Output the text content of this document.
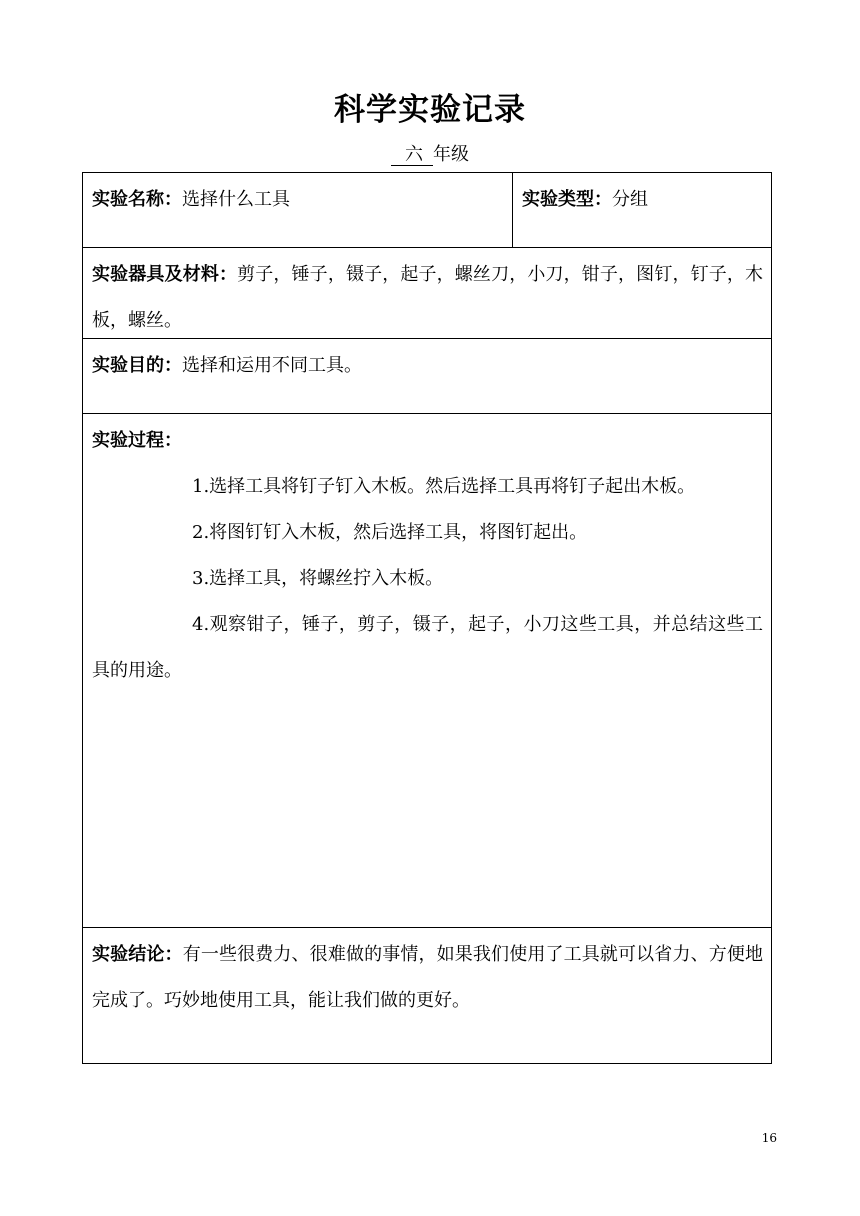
科学实验记录
六 年级
实验名称：选择什么工具	实验类型：分组
实验器具及材料：剪子，锤子，镊子，起子，螺丝刀，小刀，钳子，图钉，钉子，木板，螺丝。
实验目的：选择和运用不同工具。
实验过程：
1.选择工具将钉子钉入木板。然后选择工具再将钉子起出木板。
2.将图钉钉入木板，然后选择工具，将图钉起出。
3.选择工具，将螺丝拧入木板。
4.观察钳子，锤子，剪子，镊子，起子，小刀这些工具，并总结这些工具的用途。
实验结论：有一些很费力、很难做的事情，如果我们使用了工具就可以省力、方便地完成了。巧妙地使用工具，能让我们做的更好。
16
